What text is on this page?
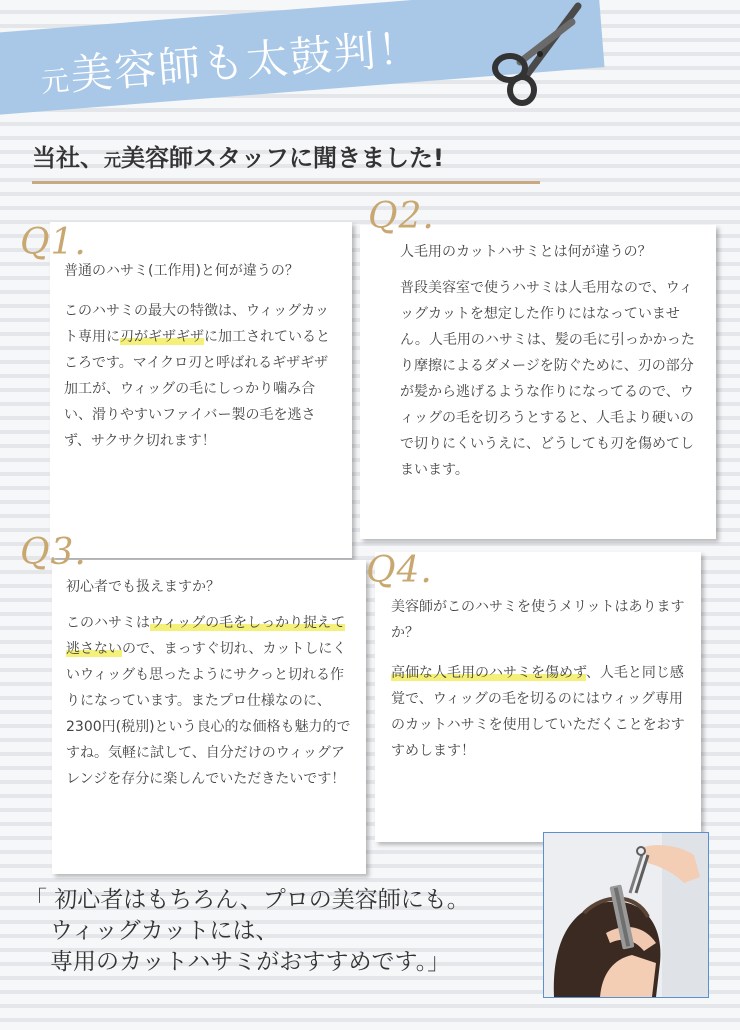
元美容師も太鼓判！
当社、元美容師スタッフに聞きました!

普通のハサミ(工作用)と何が違うの？

このハサミの最大の特徴は、ウィッグカット専用に刃がギザギザに加工されているところです。マイクロ刃と呼ばれるギザギザ加工が、ウィッグの毛にしっかり噛み合い、滑りやすいファイバー製の毛を逃さず、サクサク切れます！

Q1.	人毛用のカットハサミとは何が違うの？

普段美容室で使うハサミは人毛用なので、ウィッグカットを想定した作りにはなっていません。人毛用のハサミは、髪の毛に引っかかったり摩擦によるダメージを防ぐために、刃の部分が髪から逃げるような作りになってるので、ウィッグの毛を切ろうとすると、人毛より硬いので切りにくいうえに、どうしても刃を傷めてしまいます。

Q2.

初心者でも扱えますか？

このハサミはウィッグの毛をしっかり捉えて逃さないので、まっすぐ切れ、カットしにくいウィッグも思ったようにサクっと切れる作りになっています。またプロ仕様なのに、2300円(税別)という良心的な価格も魅力的ですね。気軽に試して、自分だけのウィッグアレンジを存分に楽しんでいただきたいです！

Q3.

美容師がこのハサミを使うメリットはありますか？

高価な人毛用のハサミを傷めず、人毛と同じ感覚で、ウィッグの毛を切るのにはウィッグ専用のカットハサミを使用していただくことをおすすめします！

Q4.
「 初心者はもちろん、プロの美容師にも。
ウィッグカットには、
専用のカットハサミがおすすめです。」
